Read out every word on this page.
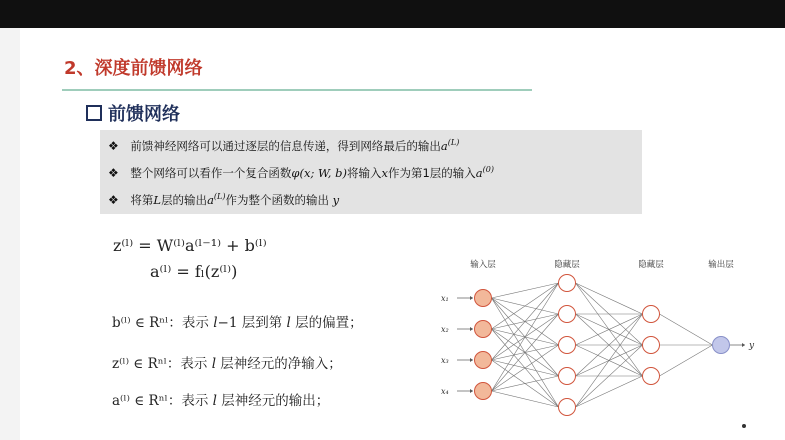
2、深度前馈网络
前馈网络
❖ 前馈神经网络可以通过逐层的信息传递，得到网络最后的输出$a^{(L)}$
❖ 整个网络可以看作一个复合函数φ(x; W, b)将输入x作为第1层的输入$a^{(0)}$
❖ 将第L层的输出$a^{(L)}$作为整个函数的输出 y
z⁽ˡ⁾ = W⁽ˡ⁾a⁽ˡ⁻¹⁾ + b⁽ˡ⁾
a⁽ˡ⁾ = fₗ(z⁽ˡ⁾)
b⁽ˡ⁾ ∈ Rⁿˡ：表示 l−1 层到第 l 层的偏置；
z⁽ˡ⁾ ∈ Rⁿˡ：表示 l 层神经元的净输入；
a⁽ˡ⁾ ∈ Rⁿˡ：表示 l 层神经元的输出；
x₁
x₂
x₃
x₄
y
输入层	隐藏层	隐藏层	输出层
